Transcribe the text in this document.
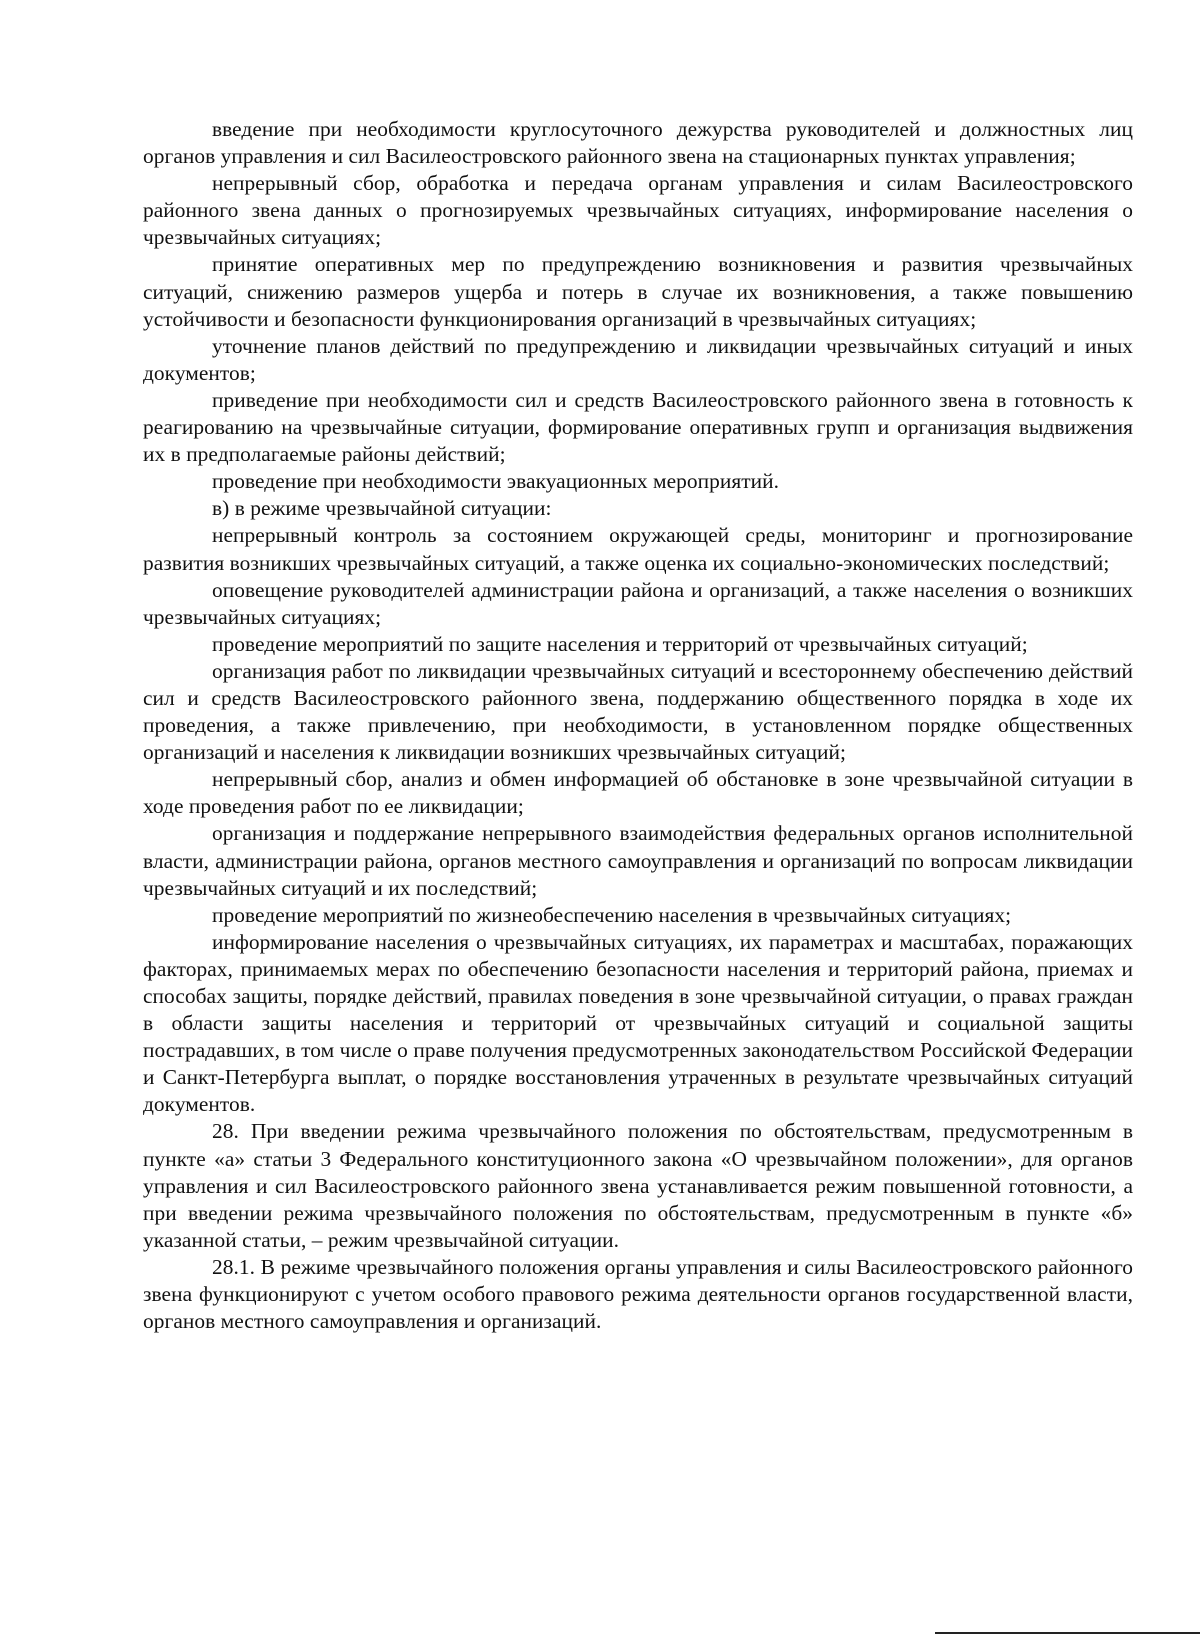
введение при необходимости круглосуточного дежурства руководителей и должностных лиц органов управления и сил Василеостровского районного звена на стационарных пунктах управления;

непрерывный сбор, обработка и передача органам управления и силам Василеостровского районного звена данных о прогнозируемых чрезвычайных ситуациях, информирование населения о чрезвычайных ситуациях;

принятие оперативных мер по предупреждению возникновения и развития чрезвычайных ситуаций, снижению размеров ущерба и потерь в случае их возникновения, а также повышению устойчивости и безопасности функционирования организаций в чрезвычайных ситуациях;

уточнение планов действий по предупреждению и ликвидации чрезвычайных ситуаций и иных документов;

приведение при необходимости сил и средств Василеостровского районного звена в готовность к реагированию на чрезвычайные ситуации, формирование оперативных групп и организация выдвижения их в предполагаемые районы действий;

проведение при необходимости эвакуационных мероприятий.

в) в режиме чрезвычайной ситуации:

непрерывный контроль за состоянием окружающей среды, мониторинг и прогнозирование развития возникших чрезвычайных ситуаций, а также оценка их социально-экономических последствий;

оповещение руководителей администрации района и организаций, а также населения о возникших чрезвычайных ситуациях;

проведение мероприятий по защите населения и территорий от чрезвычайных ситуаций;

организация работ по ликвидации чрезвычайных ситуаций и всестороннему обеспечению действий сил и средств Василеостровского районного звена, поддержанию общественного порядка в ходе их проведения, а также привлечению, при необходимости, в установленном порядке общественных организаций и населения к ликвидации возникших чрезвычайных ситуаций;

непрерывный сбор, анализ и обмен информацией об обстановке в зоне чрезвычайной ситуации в ходе проведения работ по ее ликвидации;

организация и поддержание непрерывного взаимодействия федеральных органов исполнительной власти, администрации района, органов местного самоуправления и организаций по вопросам ликвидации чрезвычайных ситуаций и их последствий;

проведение мероприятий по жизнеобеспечению населения в чрезвычайных ситуациях;

информирование населения о чрезвычайных ситуациях, их параметрах и масштабах, поражающих факторах, принимаемых мерах по обеспечению безопасности населения и территорий района, приемах и способах защиты, порядке действий, правилах поведения в зоне чрезвычайной ситуации, о правах граждан в области защиты населения и территорий от чрезвычайных ситуаций и социальной защиты пострадавших, в том числе о праве получения предусмотренных законодательством Российской Федерации и Санкт-Петербурга выплат, о порядке восстановления утраченных в результате чрезвычайных ситуаций документов.

28. При введении режима чрезвычайного положения по обстоятельствам, предусмотренным в пункте «а» статьи 3 Федерального конституционного закона «О чрезвычайном положении», для органов управления и сил Василеостровского районного звена устанавливается режим повышенной готовности, а при введении режима чрезвычайного положения по обстоятельствам, предусмотренным в пункте «б» указанной статьи, – режим чрезвычайной ситуации.

28.1. В режиме чрезвычайного положения органы управления и силы Василеостровского районного звена функционируют с учетом особого правового режима деятельности органов государственной власти, органов местного самоуправления и организаций.
